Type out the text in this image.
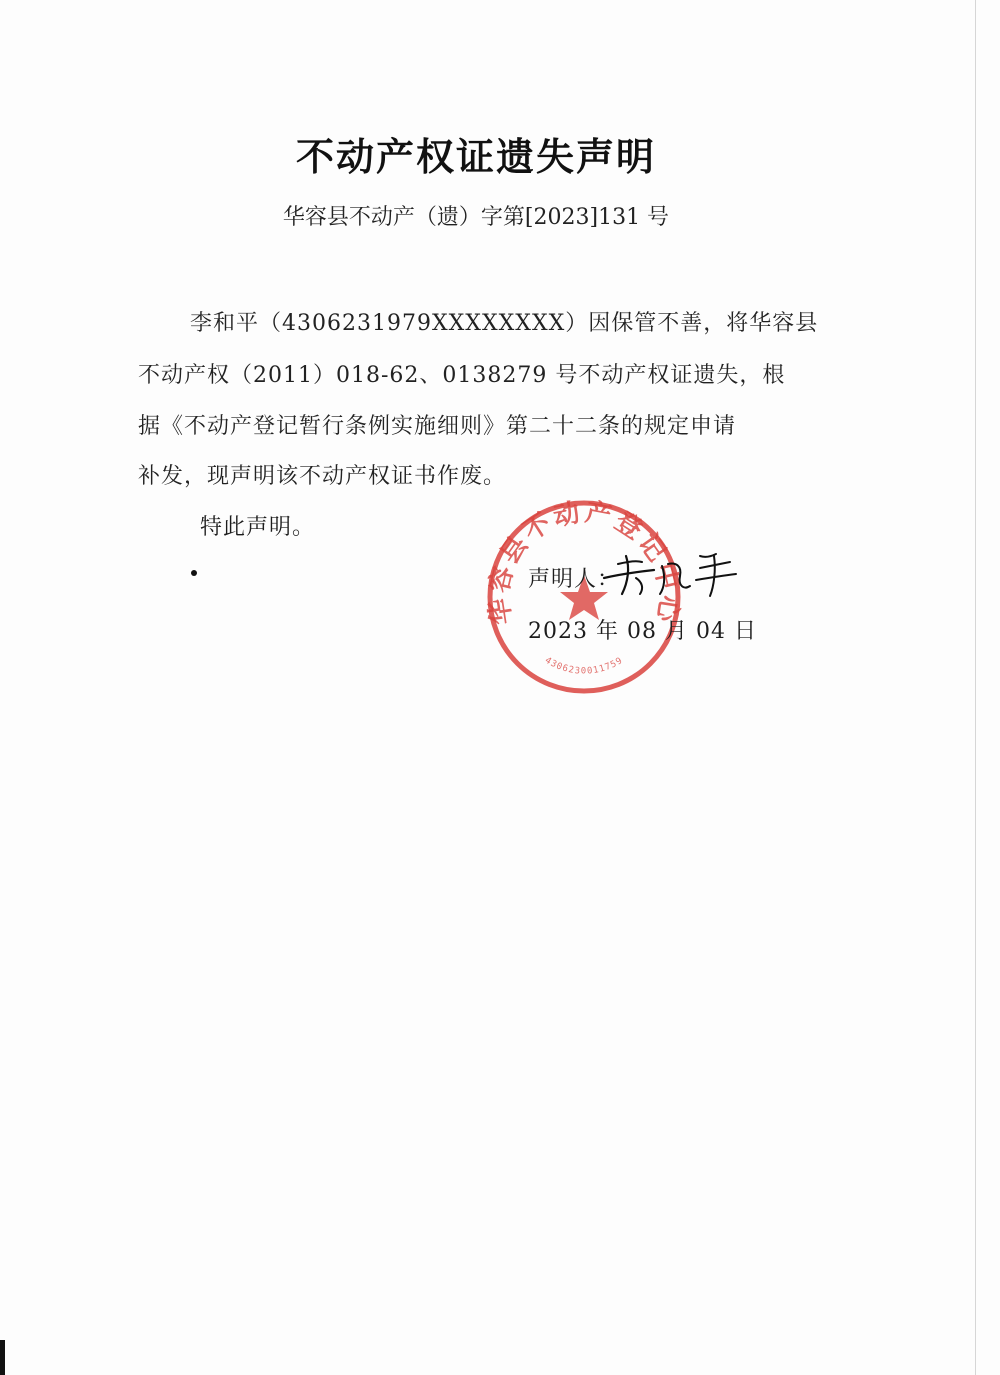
不动产权证遗失声明
华容县不动产（遗）字第[2023]131 号
李和平（4306231979XXXXXXXX）因保管不善，将华容县
不动产权（2011）018-62、0138279 号不动产权证遗失，根
据《不动产登记暂行条例实施细则》第二十二条的规定申请
补发，现声明该不动产权证书作废。
特此声明。
华容县不动产登记中心
4306230011759
声明人：
2023 年 08 月 04 日
